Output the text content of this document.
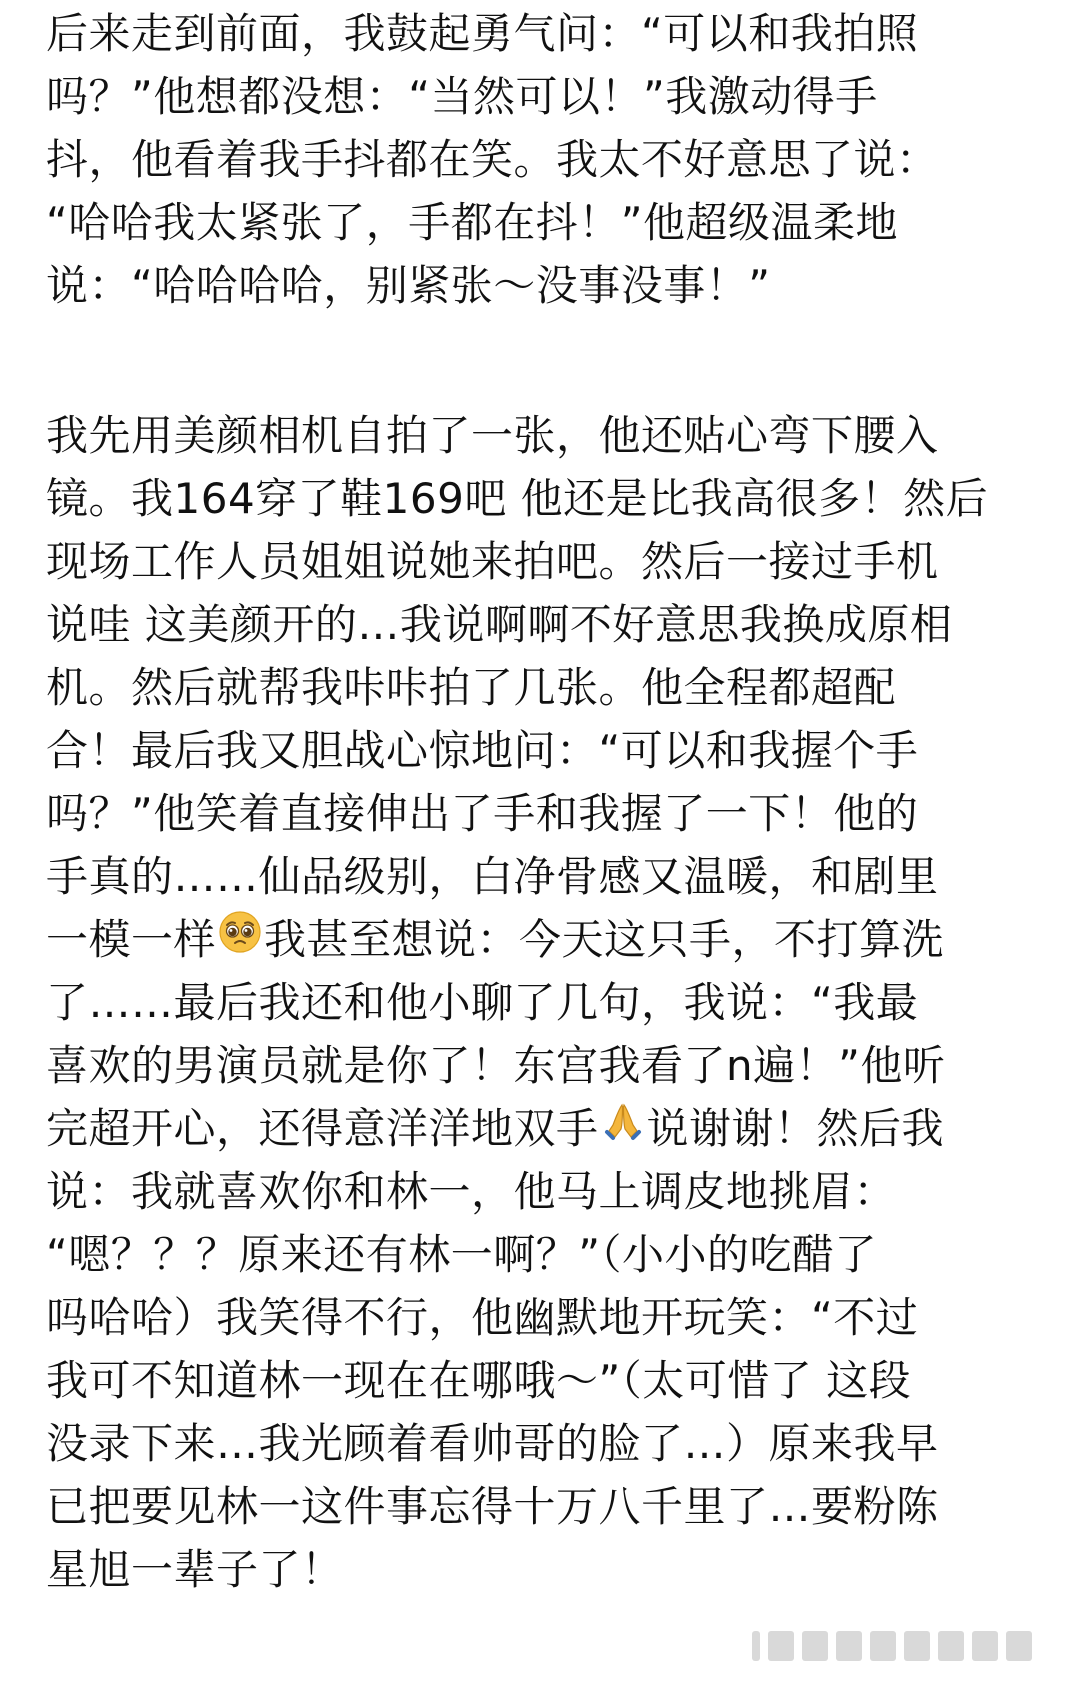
后来走到前面，我鼓起勇气问：“可以和我拍照
吗？”他想都没想：“当然可以！”我激动得手
抖，他看着我手抖都在笑。我太不好意思了说：
“哈哈我太紧张了，手都在抖！”他超级温柔地
说：“哈哈哈哈，别紧张～没事没事！”
我先用美颜相机自拍了一张，他还贴心弯下腰入
镜。我164穿了鞋169吧 他还是比我高很多！然后
现场工作人员姐姐说她来拍吧。然后一接过手机
说哇 这美颜开的…我说啊啊不好意思我换成原相
机。然后就帮我咔咔拍了几张。他全程都超配
合！最后我又胆战心惊地问：“可以和我握个手
吗？”他笑着直接伸出了手和我握了一下！他的
手真的……仙品级别，白净骨感又温暖，和剧里
一模一样 我甚至想说：今天这只手，不打算洗
了……最后我还和他小聊了几句，我说：“我最
喜欢的男演员就是你了！东宫我看了n遍！”他听
完超开心，还得意洋洋地双手 说谢谢！然后我
说：我就喜欢你和林一，他马上调皮地挑眉：
“嗯？？？原来还有林一啊？”（小小的吃醋了
吗哈哈）我笑得不行，他幽默地开玩笑：“不过
我可不知道林一现在在哪哦～”（太可惜了 这段
没录下来…我光顾着看帅哥的脸了…）原来我早
已把要见林一这件事忘得十万八千里了…要粉陈
星旭一辈子了！
